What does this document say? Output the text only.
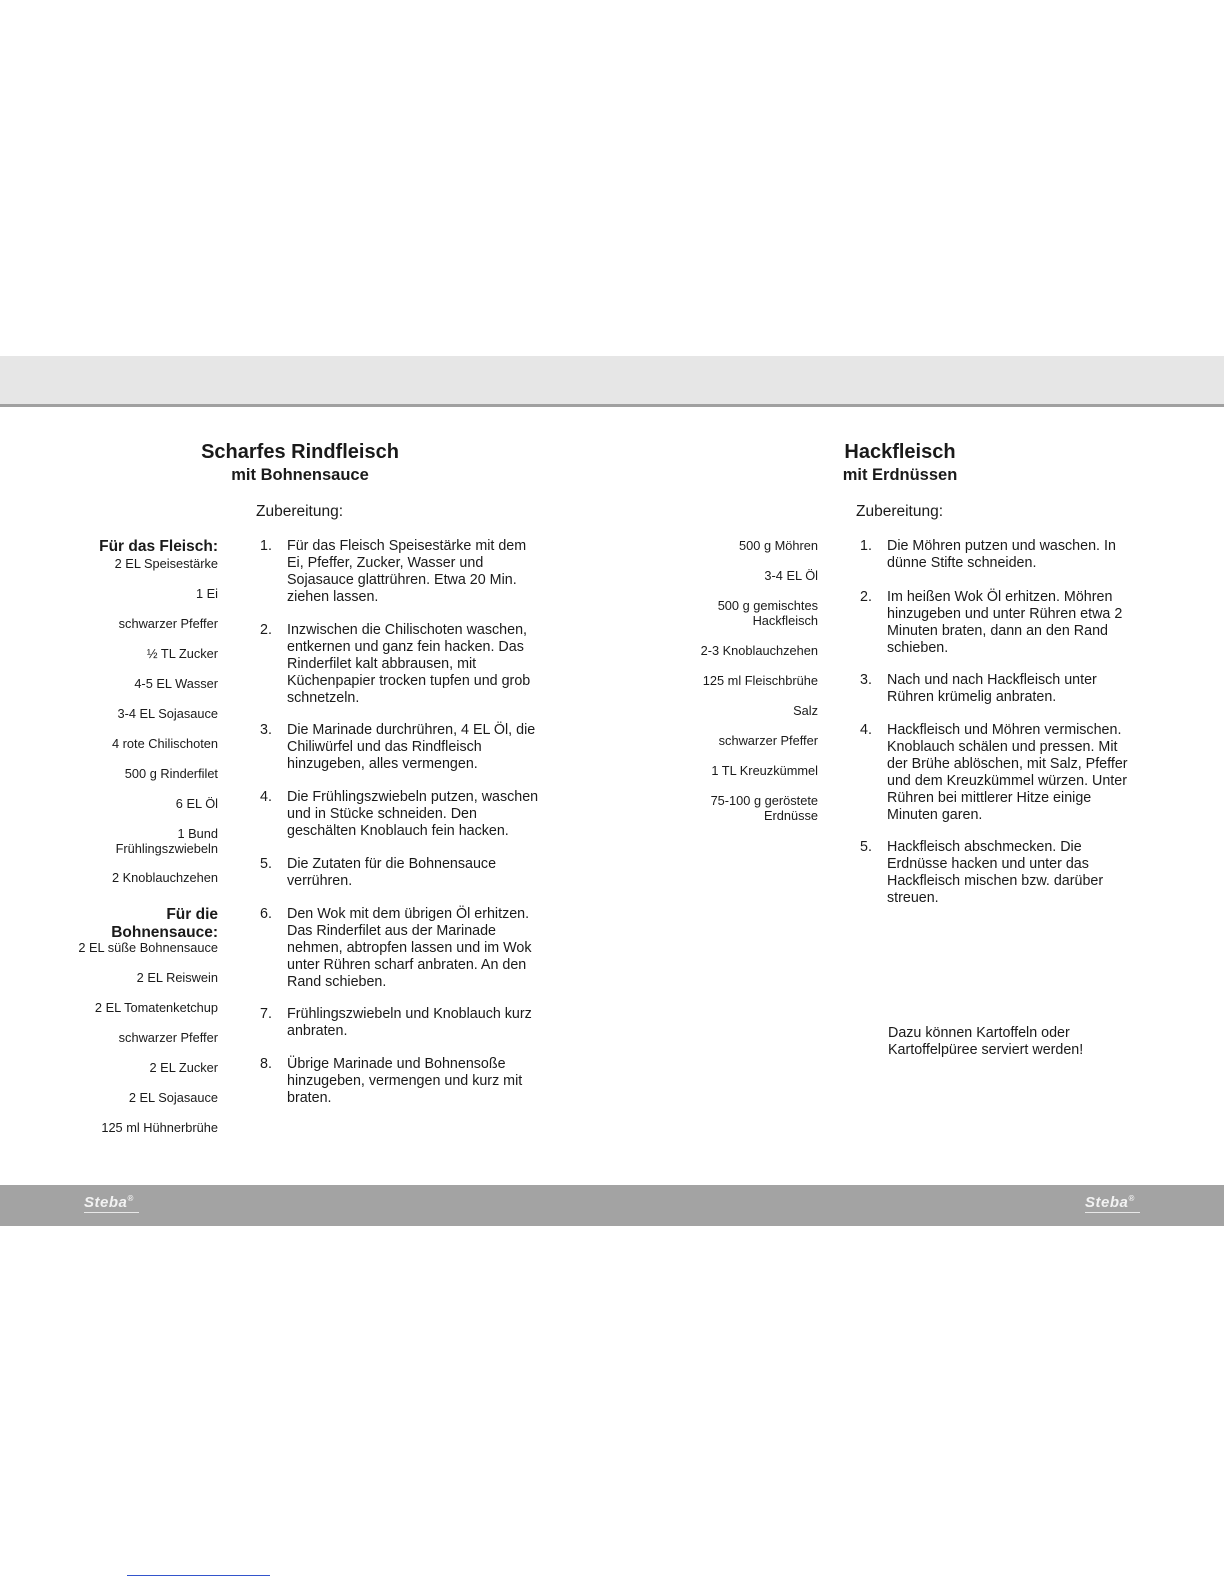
Scharfes Rindfleisch
mit Bohnensauce
Zubereitung:
Für das Fleisch:
2 EL Speisestärke
1 Ei
schwarzer Pfeffer
½ TL Zucker
4-5 EL Wasser
3-4 EL Sojasauce
4 rote Chilischoten
500 g Rinderfilet
6 EL Öl
1 Bund
Frühlingszwiebeln
2 Knoblauchzehen
Für die
Bohnensauce:
2 EL süße Bohnensauce
2 EL Reiswein
2 EL Tomatenketchup
schwarzer Pfeffer
2 EL Zucker
2 EL Sojasauce
125 ml Hühnerbrühe
1.	Für das Fleisch Speisestärke mit dem
Ei, Pfeffer, Zucker, Wasser und
Sojasauce glattrühren. Etwa 20 Min.
ziehen lassen.
2.	Inzwischen die Chilischoten waschen,
entkernen und ganz fein hacken. Das
Rinderfilet kalt abbrausen, mit
Küchenpapier trocken tupfen und grob
schnetzeln.
3.	Die Marinade durchrühren, 4 EL Öl, die
Chiliwürfel und das Rindfleisch
hinzugeben, alles vermengen.
4.	Die Frühlingszwiebeln putzen, waschen
und in Stücke schneiden. Den
geschälten Knoblauch fein hacken.
5.	Die Zutaten für die Bohnensauce
verrühren.
6.	Den Wok mit dem übrigen Öl erhitzen.
Das Rinderfilet aus der Marinade
nehmen, abtropfen lassen und im Wok
unter Rühren scharf anbraten. An den
Rand schieben.
7.	Frühlingszwiebeln und Knoblauch kurz
anbraten.
8.	Übrige Marinade und Bohnensoße
hinzugeben, vermengen und kurz mit
braten.
Hackfleisch
mit Erdnüssen
Zubereitung:
500 g Möhren
3-4 EL Öl
500 g gemischtes
Hackfleisch
2-3 Knoblauchzehen
125 ml Fleischbrühe
Salz
schwarzer Pfeffer
1 TL Kreuzkümmel
75-100 g geröstete
Erdnüsse
1.	Die Möhren putzen und waschen. In
dünne Stifte schneiden.
2.	Im heißen Wok Öl erhitzen. Möhren
hinzugeben und unter Rühren etwa 2
Minuten braten, dann an den Rand
schieben.
3.	Nach und nach Hackfleisch unter
Rühren krümelig anbraten.
4.	Hackfleisch und Möhren vermischen.
Knoblauch schälen und pressen. Mit
der Brühe ablöschen, mit Salz, Pfeffer
und dem Kreuzkümmel würzen. Unter
Rühren bei mittlerer Hitze einige
Minuten garen.
5.	Hackfleisch abschmecken. Die
Erdnüsse hacken und unter das
Hackfleisch mischen bzw. darüber
streuen.
Dazu können Kartoffeln oder
Kartoffelpüree serviert werden!
Steba®	Steba®
